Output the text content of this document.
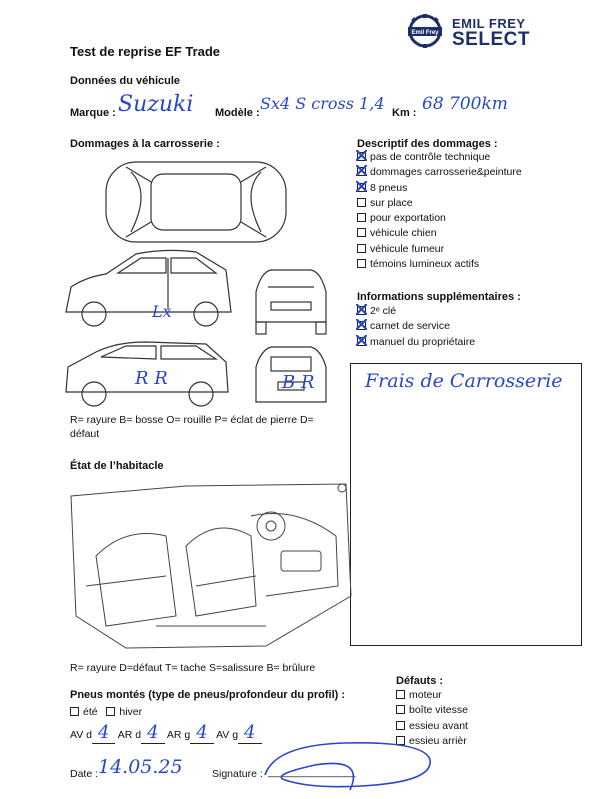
Emil Frey
EMIL FREY
SELECT
Test de reprise EF Trade
Données du véhicule
Marque : Suzuki Modèle : Sx4 S cross 1,4 Km : 68 700km
Dommages à la carrosserie :
Lx
R R	B R
R= rayure B= bosse O= rouille P= éclat de pierre D= défaut
Descriptif des dommages :
pas de contrôle technique
dommages carrosserie&peinture
8 pneus
sur place
pour exportation
véhicule chien
véhicule fumeur
témoins lumineux actifs
Informations supplémentaires :
2ᵉ clé
carnet de service
manuel du propriétaire
Frais de Carrosserie
État de l’habitacle
R= rayure D=défaut T= tache S=salissure B= brûlure
Pneus montés (type de pneus/profondeur du profil) :
été hiver
AV d 4 AR d 4 AR g 4 AV g 4
Défauts :
moteur
boîte vitesse
essieu avant
essieu arrièr
Date : 14.05.25	Signature : _______________
